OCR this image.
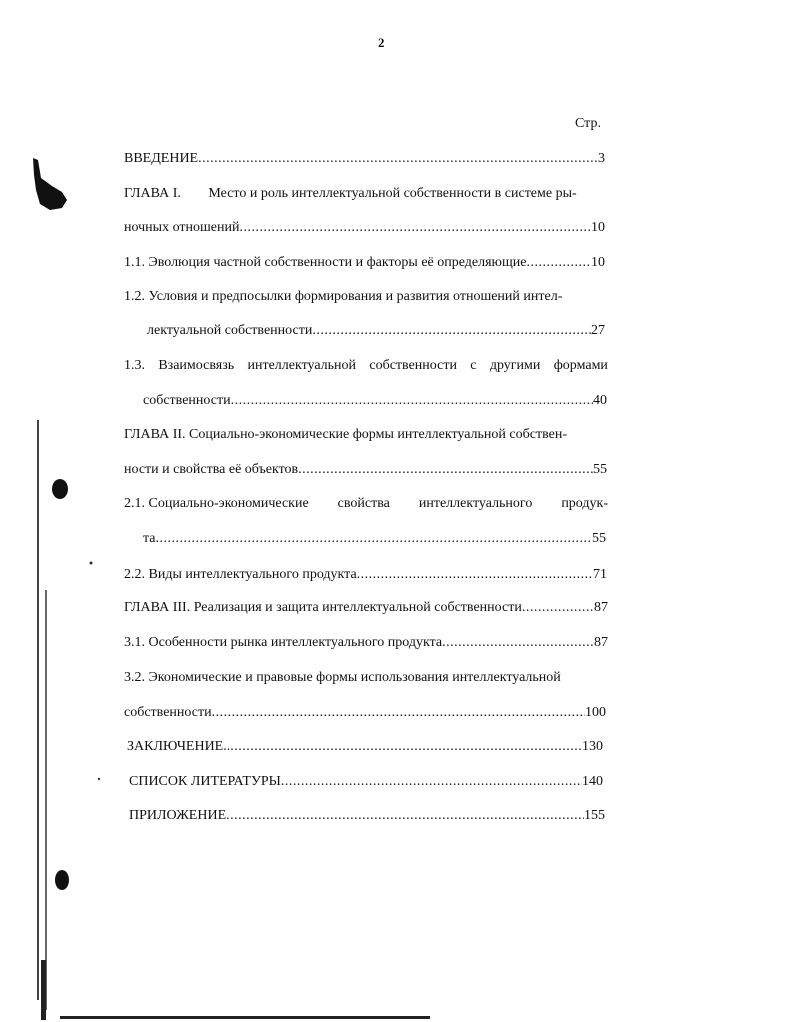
2
Стр.
ВВЕДЕНИЕ .....	3
ГЛАВА I. Место и роль интеллектуальной собственности в системе ры-
ночных отношений .....	10
1.1. Эволюция частной собственности и факторы её определяющие .....	10
1.2. Условия и предпосылки формирования и развития отношений интел-
лектуальной собственности .....	27
1.3. Взаимосвязь интеллектуальной собственности с другими формами
собственности .....	40
ГЛАВА II. Социально-экономические формы интеллектуальной собствен-
ности и свойства её объектов .....	55
2.1. Социально-экономические свойства интеллектуального продук-
та .....	55
2.2. Виды интеллектуального продукта .....	71
ГЛАВА III. Реализация и защита интеллектуальной собственности .....	87
3.1. Особенности рынка интеллектуального продукта .....	87
3.2. Экономические и правовые формы использования интеллектуальной
собственности .....	100
ЗАКЛЮЧЕНИЕ.. .....	130
СПИСОК ЛИТЕРАТУРЫ .....	140
ПРИЛОЖЕНИЕ .....	155
